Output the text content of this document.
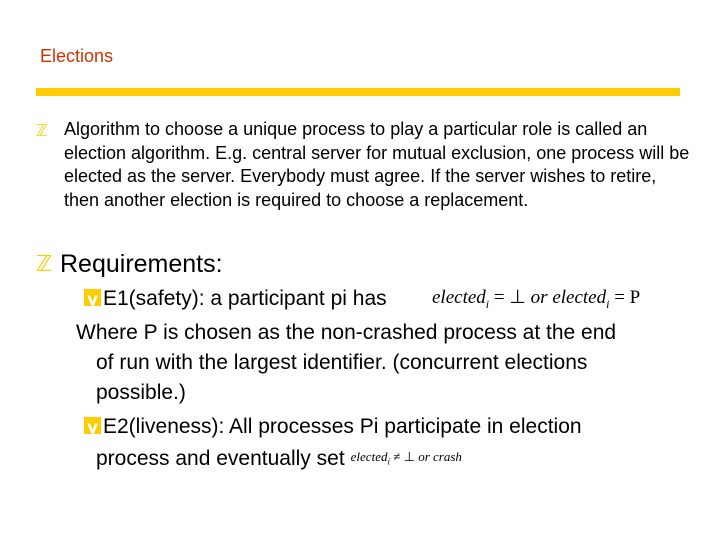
Elections
ℤ Algorithm to choose a unique process to play a particular role is called an election algorithm. E.g. central server for mutual exclusion, one process will be elected as the server. Everybody must agree. If the server wishes to retire, then another election is required to choose a replacement.
ℤ Requirements:
yE1(safety): a participant pi has elected$_i$ = ⊥ or elected$_i$ = P
Where P is chosen as the non-crashed process at the end
of run with the largest identifier. (concurrent elections
possible.)
yE2(liveness): All processes Pi participate in election
process and eventually set elected$_i$ ≠ ⊥ or crash
